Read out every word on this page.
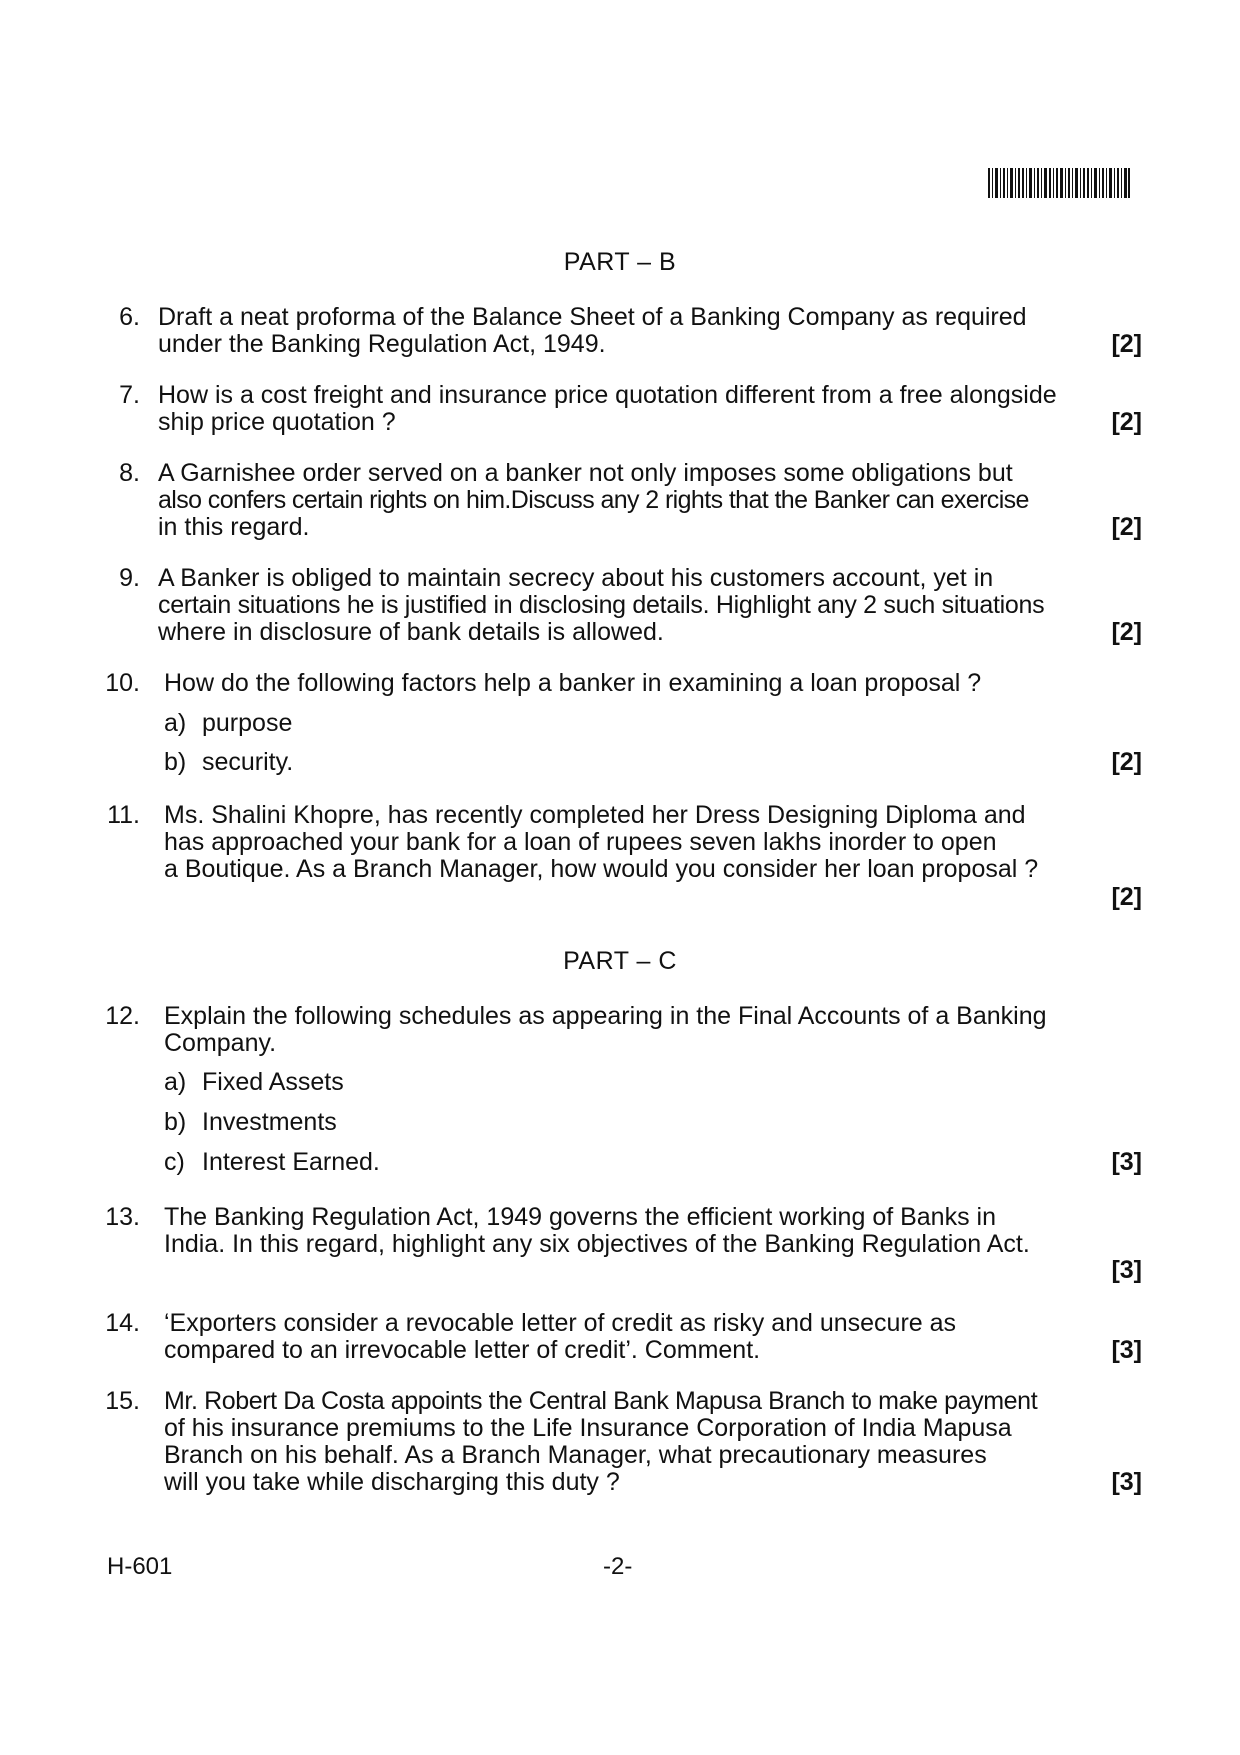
PART – B
6. Draft a neat proforma of the Balance Sheet of a Banking Company as required
under the Banking Regulation Act, 1949.	[2]
7. How is a cost freight and insurance price quotation different from a free alongside
ship price quotation ?	[2]
8. A Garnishee order served on a banker not only imposes some obligations but
also confers certain rights on him.Discuss any 2 rights that the Banker can exercise
in this regard.	[2]
9. A Banker is obliged to maintain secrecy about his customers account, yet in
certain situations he is justified in disclosing details. Highlight any 2 such situations
where in disclosure of bank details is allowed.	[2]
10. How do the following factors help a banker in examining a loan proposal ?
a) purpose
b) security.	[2]
11. Ms. Shalini Khopre, has recently completed her Dress Designing Diploma and
has approached your bank for a loan of rupees seven lakhs inorder to open
a Boutique. As a Branch Manager, how would you consider her loan proposal ?
[2]
PART – C
12. Explain the following schedules as appearing in the Final Accounts of a Banking
Company.
a) Fixed Assets
b) Investments
c) Interest Earned.	[3]
13. The Banking Regulation Act, 1949 governs the efficient working of Banks in
India. In this regard, highlight any six objectives of the Banking Regulation Act.
[3]
14. ‘Exporters consider a revocable letter of credit as risky and unsecure as
compared to an irrevocable letter of credit’. Comment.	[3]
15. Mr. Robert Da Costa appoints the Central Bank Mapusa Branch to make payment
of his insurance premiums to the Life Insurance Corporation of India Mapusa
Branch on his behalf. As a Branch Manager, what precautionary measures
will you take while discharging this duty ?	[3]
H-601	-2-
